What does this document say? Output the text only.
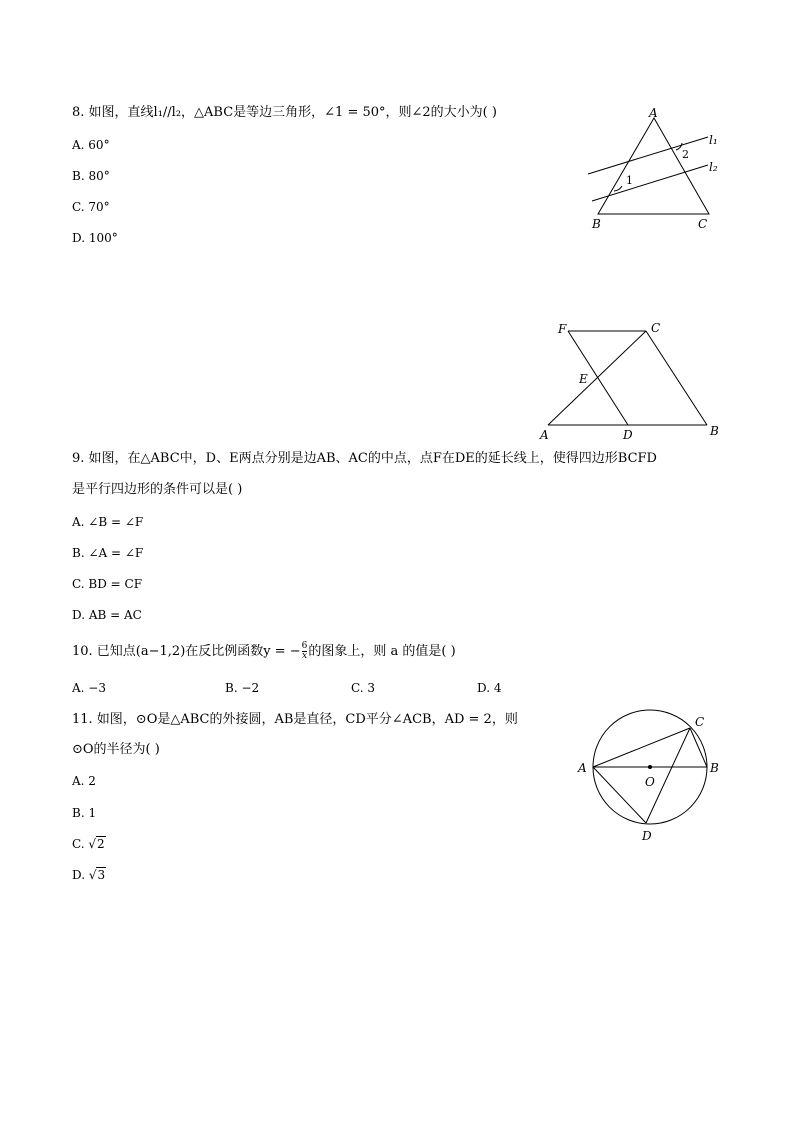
8. 如图，直线l₁//l₂，△ABC是等边三角形，∠1 = 50°，则∠2的大小为( )
A. 60°
B. 80°
C. 70°
D. 100°
A
B	C
l₁
l₂
1
2
F	C
E
A	D	B
9. 如图，在△ABC中，D、E两点分别是边AB、AC的中点，点F在DE的延长线上，使得四边形BCFD
是平行四边形的条件可以是( )
A. ∠B = ∠F
B. ∠A = ∠F
C. BD = CF
D. AB = AC
10. 已知点(a−1,2)在反比例函数y = − $\frac{6}{x}$ 的图象上，则 a 的值是( )
A. −3	B. −2	C. 3	D. 4
11. 如图，⊙O是△ABC的外接圆，AB是直径，CD平分∠ACB，AD = 2，则
⊙O的半径为( )
A. 2
B. 1
C. √2
D. √3
A	B
C
D
O
